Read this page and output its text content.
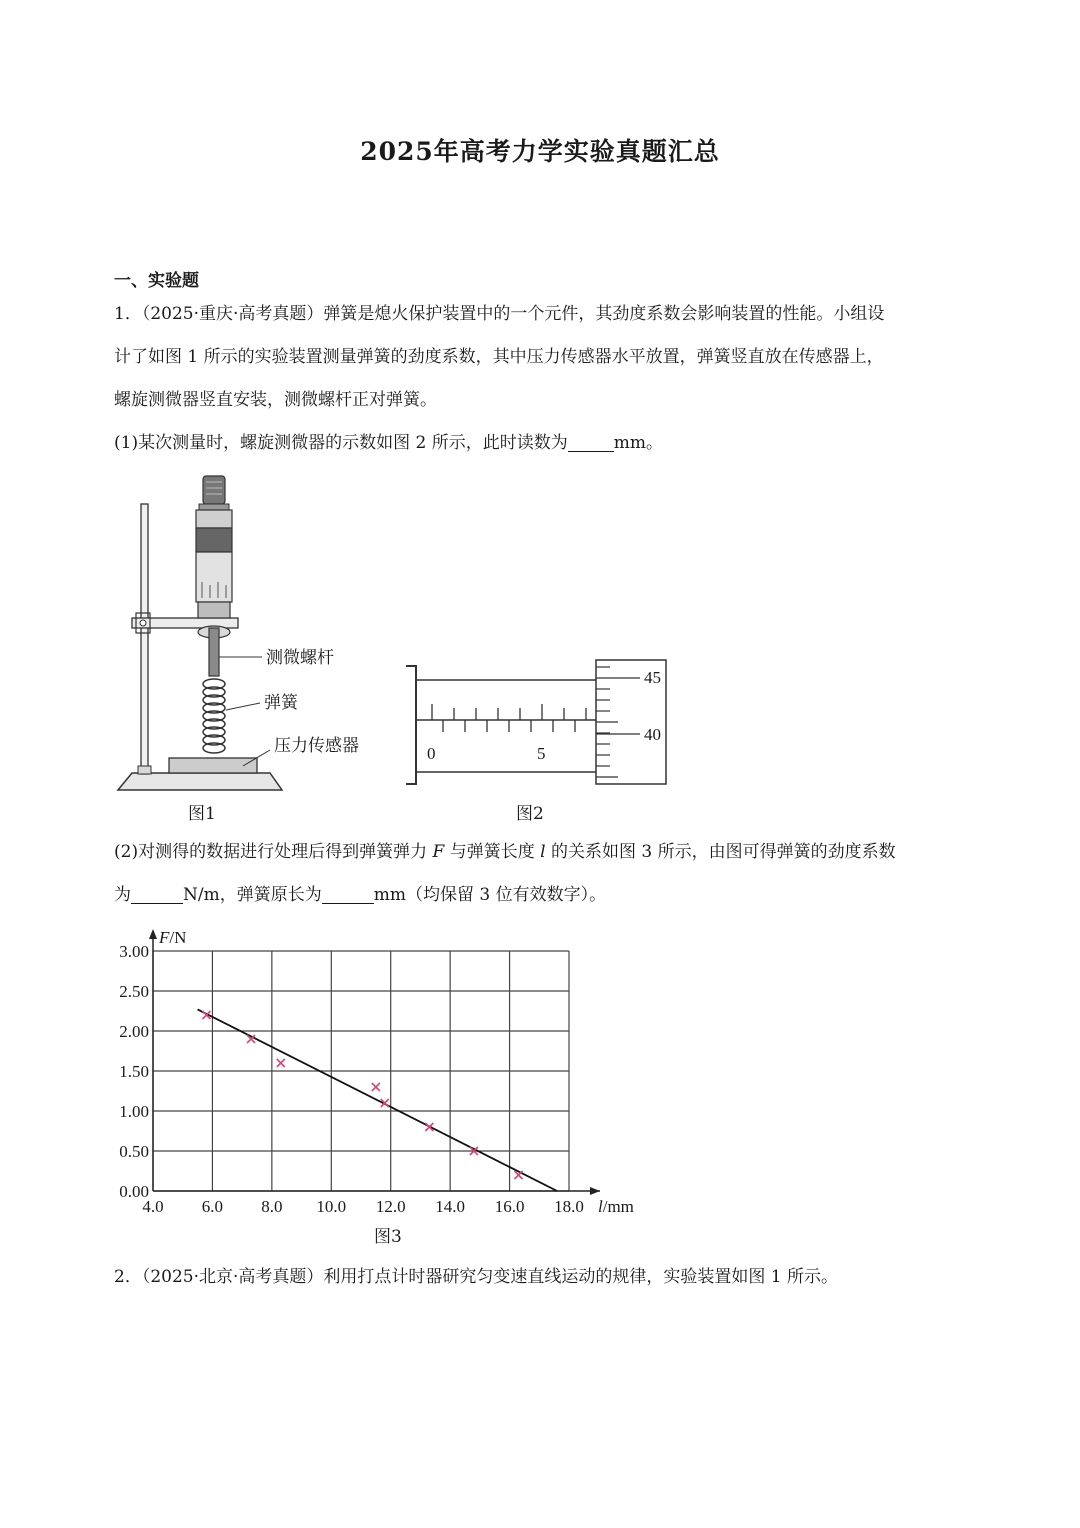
2025年高考力学实验真题汇总
一、实验题

1．（2025·重庆·高考真题）弹簧是熄火保护装置中的一个元件，其劲度系数会影响装置的性能。小组设

计了如图 1 所示的实验装置测量弹簧的劲度系数，其中压力传感器水平放置，弹簧竖直放在传感器上，

螺旋测微器竖直安装，测微螺杆正对弹簧。

(1)某次测量时，螺旋测微器的示数如图 2 所示，此时读数为	mm。

测微螺杆
弹簧
压力传感器
图1
0	5
45
40
图2

(2)对测得的数据进行处理后得到弹簧弹力 F 与弹簧长度 l 的关系如图 3 所示，由图可得弹簧的劲度系数

为	N/m，弹簧原长为	mm（均保留 3 位有效数字）。

0.00
0.50
1.00
1.50
2.00
2.50
3.00
4.0 6.0 8.0 10.0 12.0 14.0 16.0 18.0
F/N
l/mm
图3

2．（2025·北京·高考真题）利用打点计时器研究匀变速直线运动的规律，实验装置如图 1 所示。
